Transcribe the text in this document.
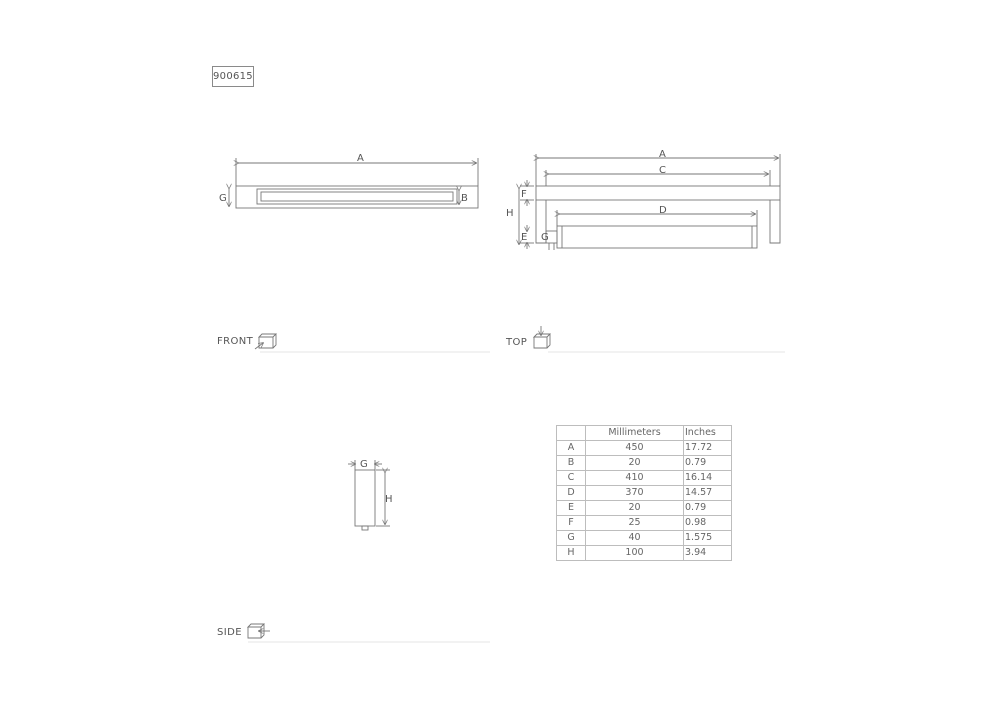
900615
A
G	B
A
C
D
F
H
E G
G
H
FRONT	TOP
SIDE
	Millimeters	Inches
A	450	17.72
B	20	0.79
C	410	16.14
D	370	14.57
E	20	0.79
F	25	0.98
G	40	1.575
H	100	3.94
